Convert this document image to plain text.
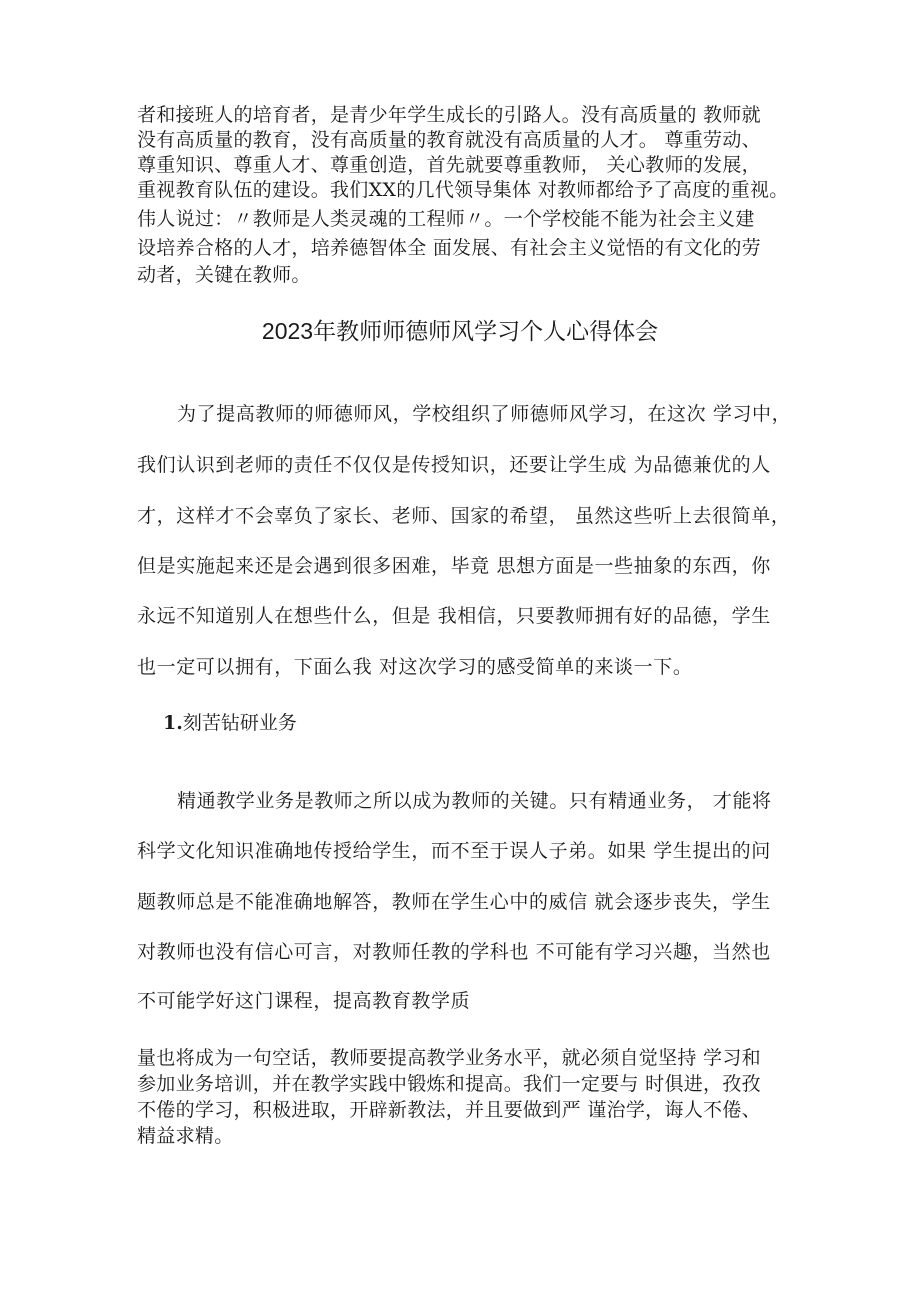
者和接班人的培育者，是青少年学生成长的引路人。没有高质量的 教师就

没有高质量的教育，没有高质量的教育就没有高质量的人才。 尊重劳动、

尊重知识、尊重人才、尊重创造，首先就要尊重教师， 关心教师的发展，

重视教育队伍的建设。我们XX的几代领导集体 对教师都给予了高度的重视。

伟人说过：〃教师是人类灵魂的工程师〃。一个学校能不能为社会主义建

设培养合格的人才，培养德智体全 面发展、有社会主义觉悟的有文化的劳

动者，关键在教师。

2023年教师师德师风学习个人心得体会

为了提高教师的师德师风，学校组织了师德师风学习，在这次 学习中，

我们认识到老师的责任不仅仅是传授知识，还要让学生成 为品德兼优的人

才，这样才不会辜负了家长、老师、国家的希望， 虽然这些听上去很简单，

但是实施起来还是会遇到很多困难，毕竟 思想方面是一些抽象的东西，你

永远不知道别人在想些什么，但是 我相信，只要教师拥有好的品德，学生

也一定可以拥有，下面么我 对这次学习的感受简单的来谈一下。

1.刻苦钻研业务

精通教学业务是教师之所以成为教师的关键。只有精通业务， 才能将

科学文化知识准确地传授给学生，而不至于误人子弟。如果 学生提出的问

题教师总是不能准确地解答，教师在学生心中的威信 就会逐步丧失，学生

对教师也没有信心可言，对教师任教的学科也 不可能有学习兴趣，当然也

不可能学好这门课程，提高教育教学质

量也将成为一句空话，教师要提高教学业务水平，就必须自觉坚持 学习和

参加业务培训，并在教学实践中锻炼和提高。我们一定要与 时俱进，孜孜

不倦的学习，积极进取，开辟新教法，并且要做到严 谨治学，诲人不倦、

精益求精。
